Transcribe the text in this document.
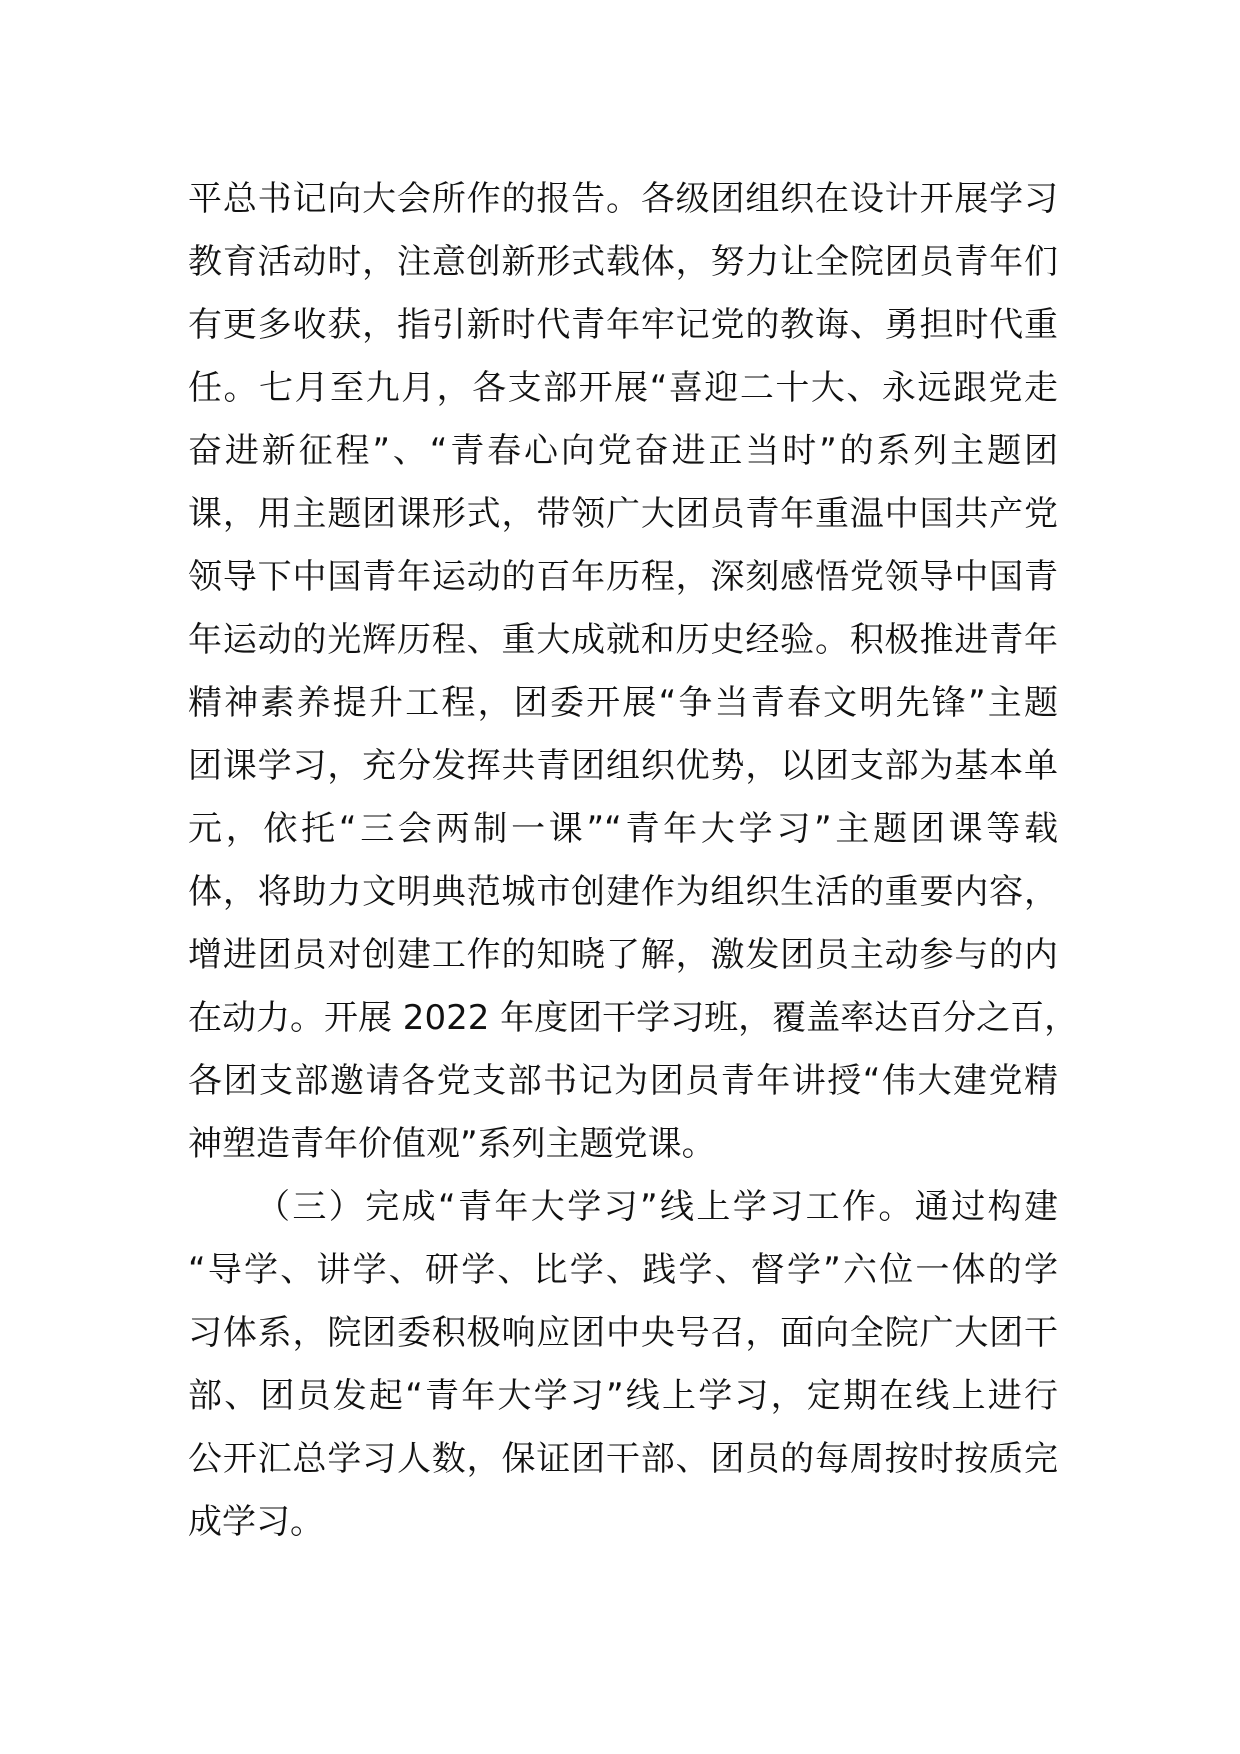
平总书记向大会所作的报告。各级团组织在设计开展学习
教育活动时，注意创新形式载体，努力让全院团员青年们
有更多收获，指引新时代青年牢记党的教诲、勇担时代重
任。七月至九月，各支部开展“喜迎二十大、永远跟党走
奋进新征程”、“青春心向党奋进正当时”的系列主题团
课，用主题团课形式，带领广大团员青年重温中国共产党
领导下中国青年运动的百年历程，深刻感悟党领导中国青
年运动的光辉历程、重大成就和历史经验。积极推进青年
精神素养提升工程，团委开展“争当青春文明先锋”主题
团课学习，充分发挥共青团组织优势，以团支部为基本单
元，依托“三会两制一课”“青年大学习”主题团课等载
体，将助力文明典范城市创建作为组织生活的重要内容，
增进团员对创建工作的知晓了解，激发团员主动参与的内
在动力。开展 2022 年度团干学习班，覆盖率达百分之百，
各团支部邀请各党支部书记为团员青年讲授“伟大建党精
神塑造青年价值观”系列主题党课。
（三）完成“青年大学习”线上学习工作。通过构建
“导学、讲学、研学、比学、践学、督学”六位一体的学
习体系，院团委积极响应团中央号召，面向全院广大团干
部、团员发起“青年大学习”线上学习，定期在线上进行
公开汇总学习人数，保证团干部、团员的每周按时按质完
成学习。
